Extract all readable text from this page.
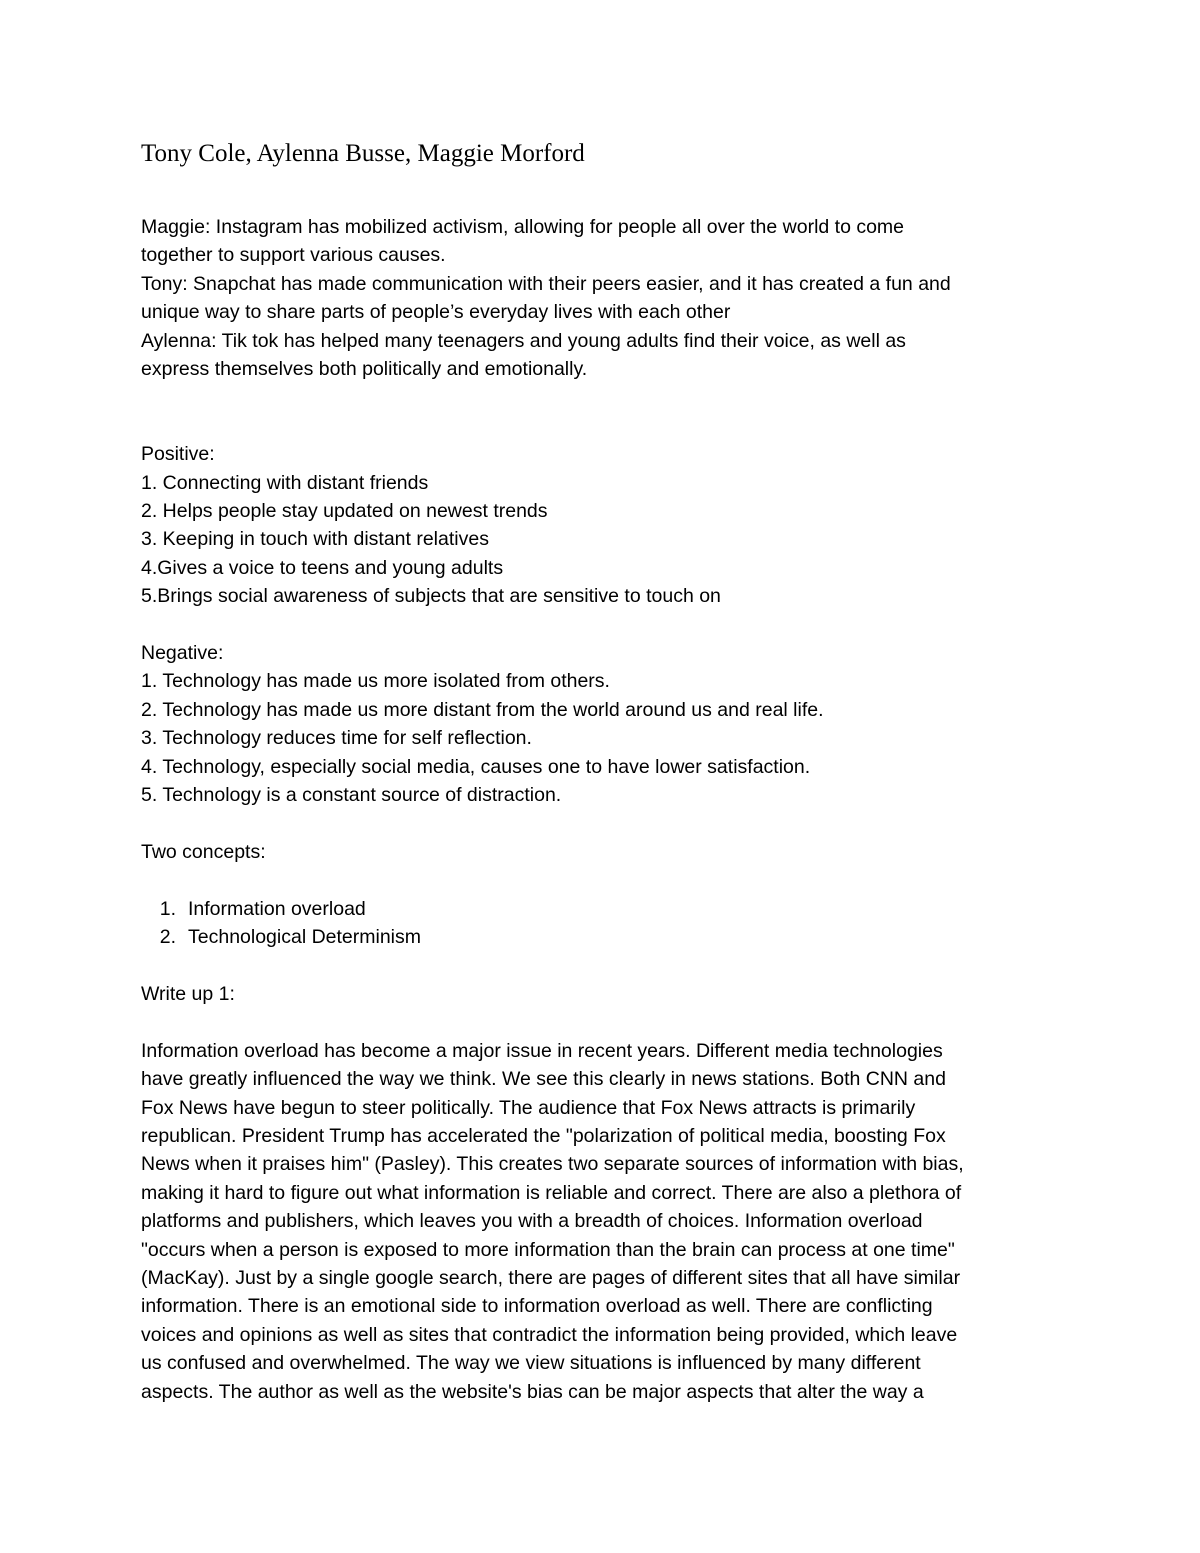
Tony Cole, Aylenna Busse, Maggie Morford

Maggie: Instagram has mobilized activism, allowing for people all over the world to come

together to support various causes.

Tony: Snapchat has made communication with their peers easier, and it has created a fun and

unique way to share parts of people’s everyday lives with each other

Aylenna: Tik tok has helped many teenagers and young adults find their voice, as well as

express themselves both politically and emotionally.

Positive:

1. Connecting with distant friends

2. Helps people stay updated on newest trends

3. Keeping in touch with distant relatives

4.Gives a voice to teens and young adults

5.Brings social awareness of subjects that are sensitive to touch on

Negative:

1. Technology has made us more isolated from others.

2. Technology has made us more distant from the world around us and real life.

3. Technology reduces time for self reflection.

4. Technology, especially social media, causes one to have lower satisfaction.

5. Technology is a constant source of distraction.

Two concepts:

1. Information overload
2. Technological Determinism

Write up 1:

Information overload has become a major issue in recent years. Different media technologies

have greatly influenced the way we think. We see this clearly in news stations. Both CNN and

Fox News have begun to steer politically. The audience that Fox News attracts is primarily

republican. President Trump has accelerated the "polarization of political media, boosting Fox

News when it praises him" (Pasley). This creates two separate sources of information with bias,

making it hard to figure out what information is reliable and correct. There are also a plethora of

platforms and publishers, which leaves you with a breadth of choices. Information overload

"occurs when a person is exposed to more information than the brain can process at one time"

(MacKay). Just by a single google search, there are pages of different sites that all have similar

information. There is an emotional side to information overload as well. There are conflicting

voices and opinions as well as sites that contradict the information being provided, which leave

us confused and overwhelmed. The way we view situations is influenced by many different

aspects. The author as well as the website's bias can be major aspects that alter the way a
